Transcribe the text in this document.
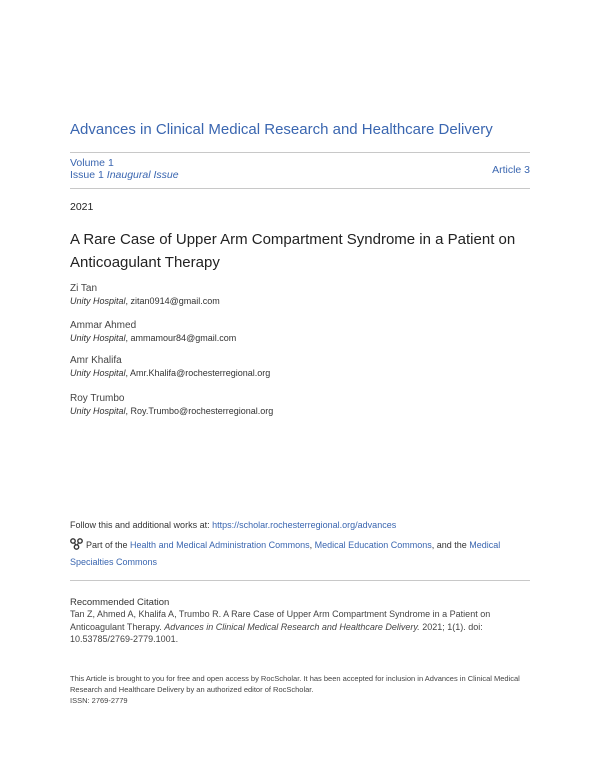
Advances in Clinical Medical Research and Healthcare Delivery
Volume 1
Issue 1 Inaugural Issue	Article 3
2021
A Rare Case of Upper Arm Compartment Syndrome in a Patient on Anticoagulant Therapy
Zi Tan
Unity Hospital, zitan0914@gmail.com
Ammar Ahmed
Unity Hospital, ammamour84@gmail.com
Amr Khalifa
Unity Hospital, Amr.Khalifa@rochesterregional.org
Roy Trumbo
Unity Hospital, Roy.Trumbo@rochesterregional.org
Follow this and additional works at: https://scholar.rochesterregional.org/advances
Part of the Health and Medical Administration Commons, Medical Education Commons, and the Medical Specialties Commons
Recommended Citation
Tan Z, Ahmed A, Khalifa A, Trumbo R. A Rare Case of Upper Arm Compartment Syndrome in a Patient on Anticoagulant Therapy. Advances in Clinical Medical Research and Healthcare Delivery. 2021; 1(1). doi: 10.53785/2769-2779.1001.
This Article is brought to you for free and open access by RocScholar. It has been accepted for inclusion in Advances in Clinical Medical Research and Healthcare Delivery by an authorized editor of RocScholar.
ISSN: 2769-2779
